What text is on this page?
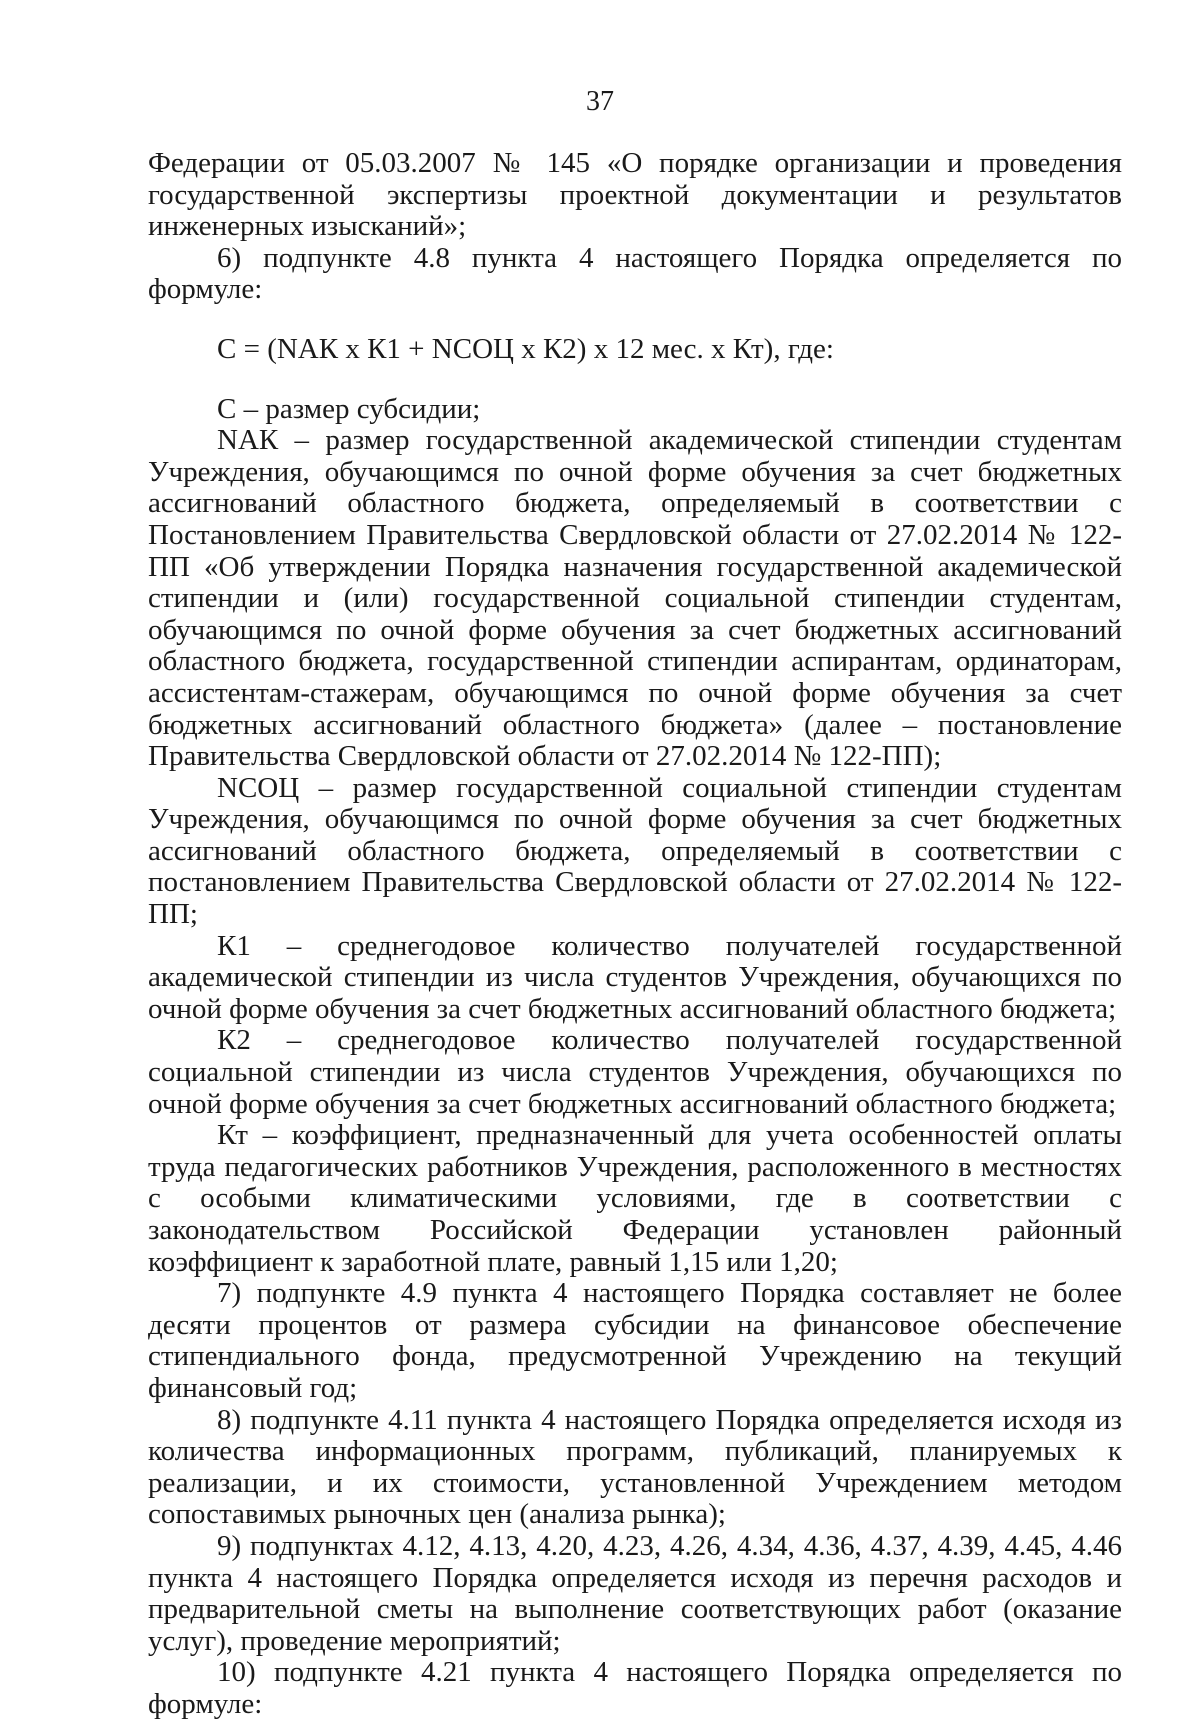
37

Федерации от 05.03.2007 № 145 «О порядке организации и проведения государственной экспертизы проектной документации и результатов инженерных изысканий»;

6) подпункте 4.8 пункта 4 настоящего Порядка определяется по формуле:

C = (NАК х К1 + NСОЦ х К2) х 12 мес. х Кт), где:

С – размер субсидии;

NАК – размер государственной академической стипендии студентам Учреждения, обучающимся по очной форме обучения за счет бюджетных ассигнований областного бюджета, определяемый в соответствии с Постановлением Правительства Свердловской области от 27.02.2014 № 122-ПП «Об утверждении Порядка назначения государственной академической стипендии и (или) государственной социальной стипендии студентам, обучающимся по очной форме обучения за счет бюджетных ассигнований областного бюджета, государственной стипендии аспирантам, ординаторам, ассистентам-стажерам, обучающимся по очной форме обучения за счет бюджетных ассигнований областного бюджета» (далее – постановление Правительства Свердловской области от 27.02.2014 № 122-ПП);

NСОЦ – размер государственной социальной стипендии студентам Учреждения, обучающимся по очной форме обучения за счет бюджетных ассигнований областного бюджета, определяемый в соответствии с постановлением Правительства Свердловской области от 27.02.2014 № 122-ПП;

К1 – среднегодовое количество получателей государственной академической стипендии из числа студентов Учреждения, обучающихся по очной форме обучения за счет бюджетных ассигнований областного бюджета;

К2 – среднегодовое количество получателей государственной социальной стипендии из числа студентов Учреждения, обучающихся по очной форме обучения за счет бюджетных ассигнований областного бюджета;

Кт – коэффициент, предназначенный для учета особенностей оплаты труда педагогических работников Учреждения, расположенного в местностях с особыми климатическими условиями, где в соответствии с законодательством Российской Федерации установлен районный коэффициент к заработной плате, равный 1,15 или 1,20;

7) подпункте 4.9 пункта 4 настоящего Порядка составляет не более десяти процентов от размера субсидии на финансовое обеспечение стипендиального фонда, предусмотренной Учреждению на текущий финансовый год;

8) подпункте 4.11 пункта 4 настоящего Порядка определяется исходя из количества информационных программ, публикаций, планируемых к реализации, и их стоимости, установленной Учреждением методом сопоставимых рыночных цен (анализа рынка);

9) подпунктах 4.12, 4.13, 4.20, 4.23, 4.26, 4.34, 4.36, 4.37, 4.39, 4.45, 4.46 пункта 4 настоящего Порядка определяется исходя из перечня расходов и предварительной сметы на выполнение соответствующих работ (оказание услуг), проведение мероприятий;

10) подпункте 4.21 пункта 4 настоящего Порядка определяется по формуле:
